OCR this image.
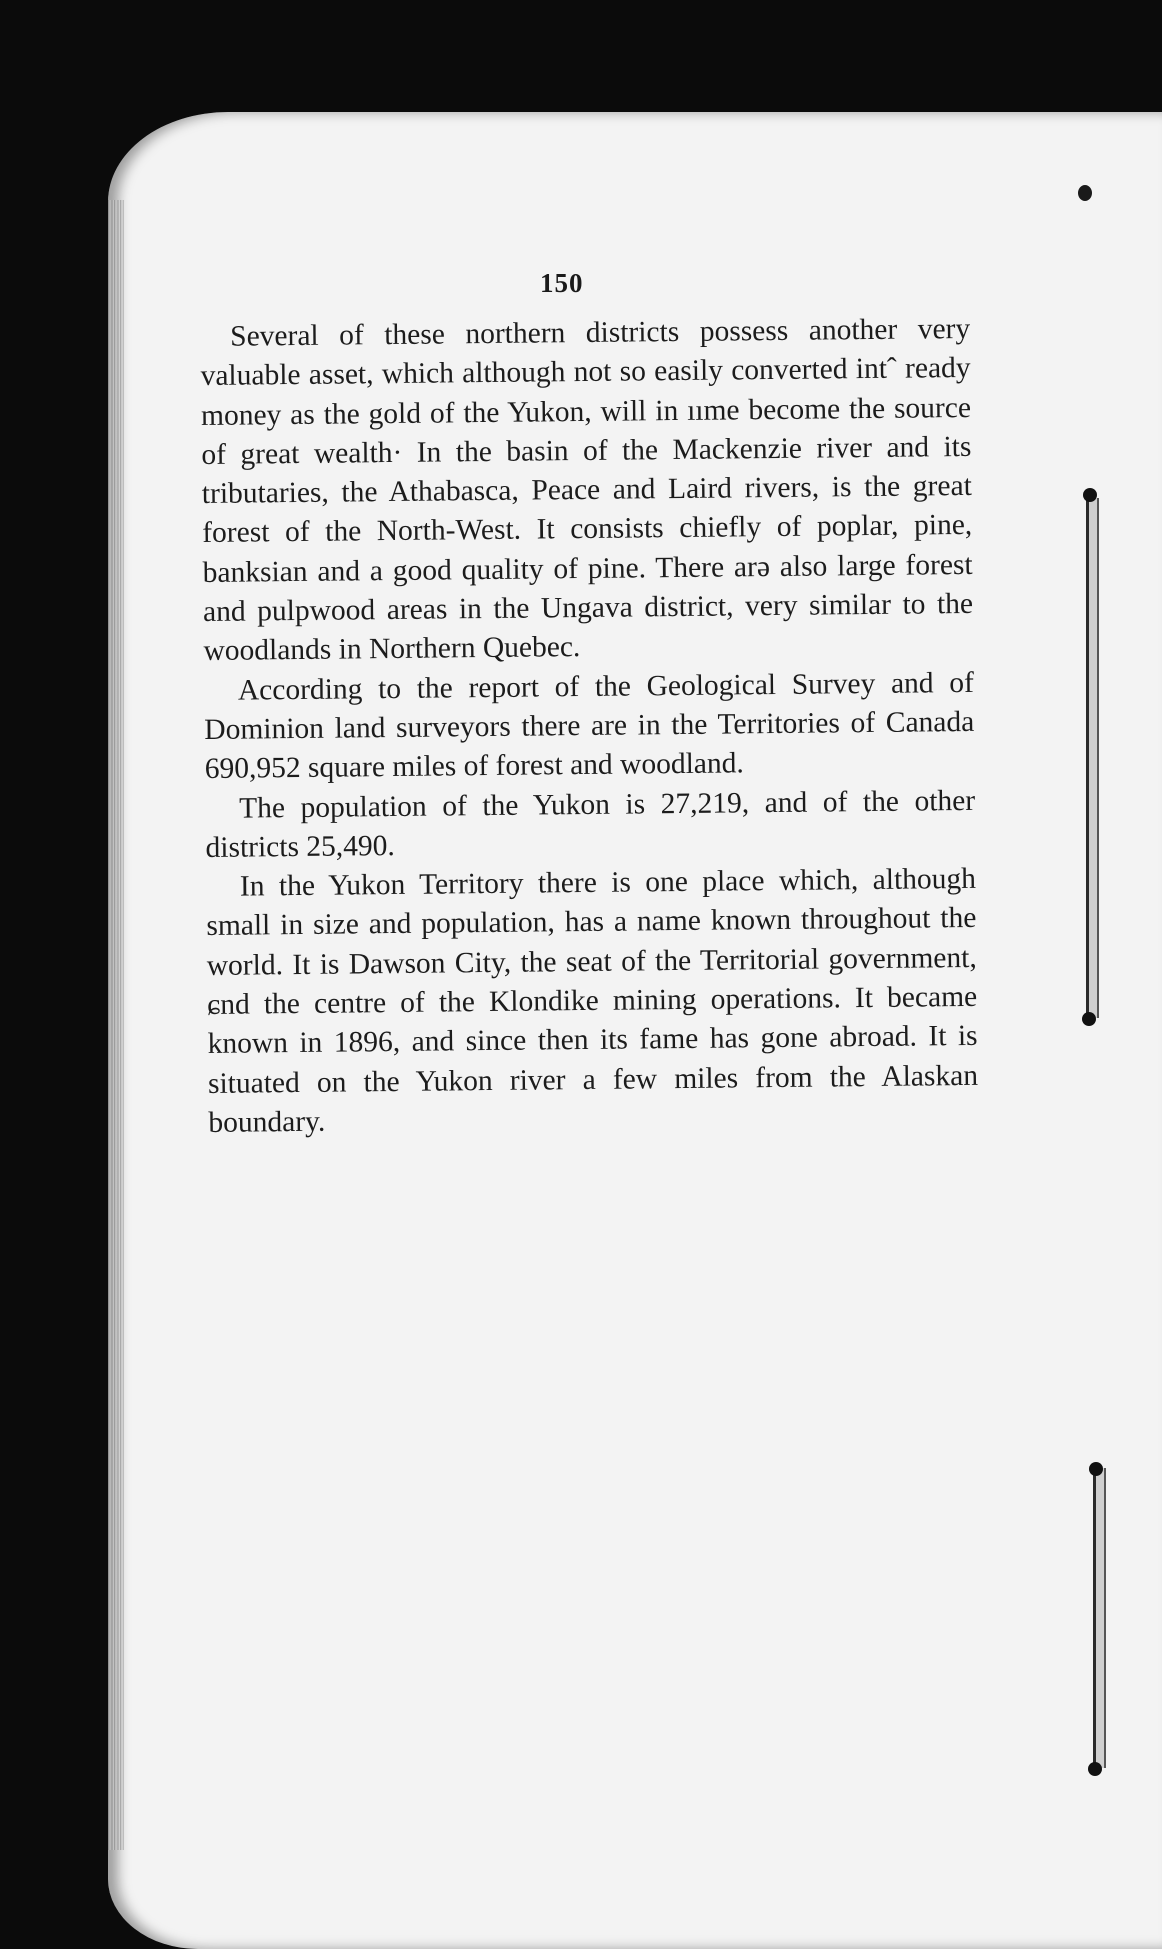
150

Several of these northern districts possess another very valuable asset, which although not so easily converted intˆ ready money as the gold of the Yukon, will in ııme become the source of great wealth· In the basin of the Mackenzie river and its tributaries, the Athabasca, Peace and Laird rivers, is the great forest of the North-West. It consists chiefly of poplar, pine, banksian and a good quality of pine. There arə also large forest and pulpwood areas in the Ungava district, very similar to the woodlands in Northern Quebec.

According to the report of the Geological Survey and of Dominion land surveyors there are in the Territories of Canada 690,952 square miles of forest and woodland.

The population of the Yukon is 27,219, and of the other districts 25,490.

In the Yukon Territory there is one place which, although small in size and population, has a name known throughout the world. It is Dawson City, the seat of the Territorial government, ɕnd the centre of the Klondike mining operations. It became known in 1896, and since then its fame has gone abroad. It is situated on the Yukon river a few miles from the Alaskan boundary.
